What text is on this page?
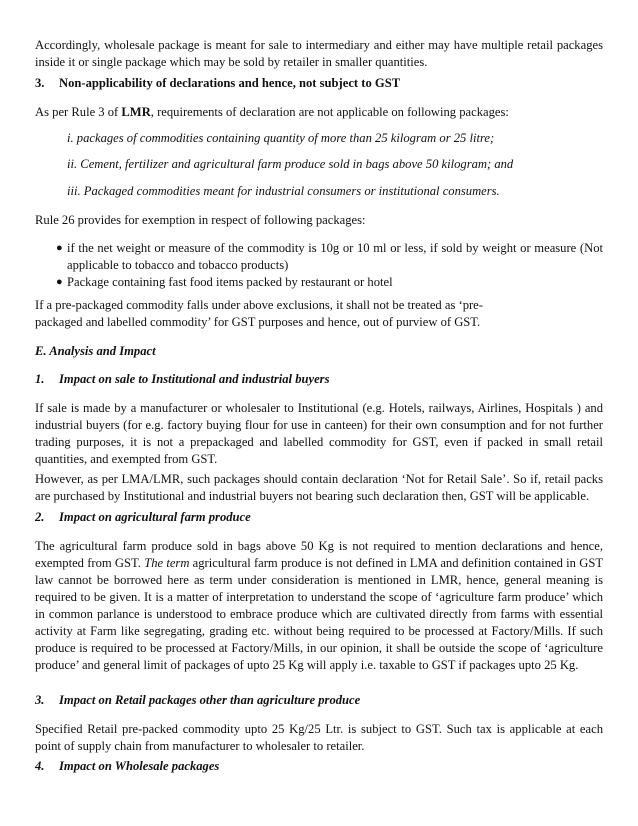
Accordingly, wholesale package is meant for sale to intermediary and either may have multiple retail packages inside it or single package which may be sold by retailer in smaller quantities.

3. Non-applicability of declarations and hence, not subject to GST

As per Rule 3 of LMR, requirements of declaration are not applicable on following packages:

i. packages of commodities containing quantity of more than 25 kilogram or 25 litre;

ii. Cement, fertilizer and agricultural farm produce sold in bags above 50 kilogram; and

iii. Packaged commodities meant for industrial consumers or institutional consumers.

Rule 26 provides for exemption in respect of following packages:

● if the net weight or measure of the commodity is 10g or 10 ml or less, if sold by weight or measure (Not applicable to tobacco and tobacco products)
● Package containing fast food items packed by restaurant or hotel

If a pre-packaged commodity falls under above exclusions, it shall not be treated as ‘pre-

packaged and labelled commodity’ for GST purposes and hence, out of purview of GST.

E. Analysis and Impact

1. Impact on sale to Institutional and industrial buyers

If sale is made by a manufacturer or wholesaler to Institutional (e.g. Hotels, railways, Airlines, Hospitals ) and industrial buyers (for e.g. factory buying flour for use in canteen) for their own consumption and for not further trading purposes, it is not a prepackaged and labelled commodity for GST, even if packed in small retail quantities, and exempted from GST.

However, as per LMA/LMR, such packages should contain declaration ‘Not for Retail Sale’. So if, retail packs are purchased by Institutional and industrial buyers not bearing such declaration then, GST will be applicable.

2. Impact on agricultural farm produce

The agricultural farm produce sold in bags above 50 Kg is not required to mention declarations and hence, exempted from GST. The term agricultural farm produce is not defined in LMA and definition contained in GST law cannot be borrowed here as term under consideration is mentioned in LMR, hence, general meaning is required to be given. It is a matter of interpretation to understand the scope of ‘agriculture farm produce’ which in common parlance is understood to embrace produce which are cultivated directly from farms with essential activity at Farm like segregating, grading etc. without being required to be processed at Factory/Mills. If such produce is required to be processed at Factory/Mills, in our opinion, it shall be outside the scope of ‘agriculture produce’ and general limit of packages of upto 25 Kg will apply i.e. taxable to GST if packages upto 25 Kg.

3. Impact on Retail packages other than agriculture produce

Specified Retail pre-packed commodity upto 25 Kg/25 Ltr. is subject to GST. Such tax is applicable at each point of supply chain from manufacturer to wholesaler to retailer.

4. Impact on Wholesale packages
